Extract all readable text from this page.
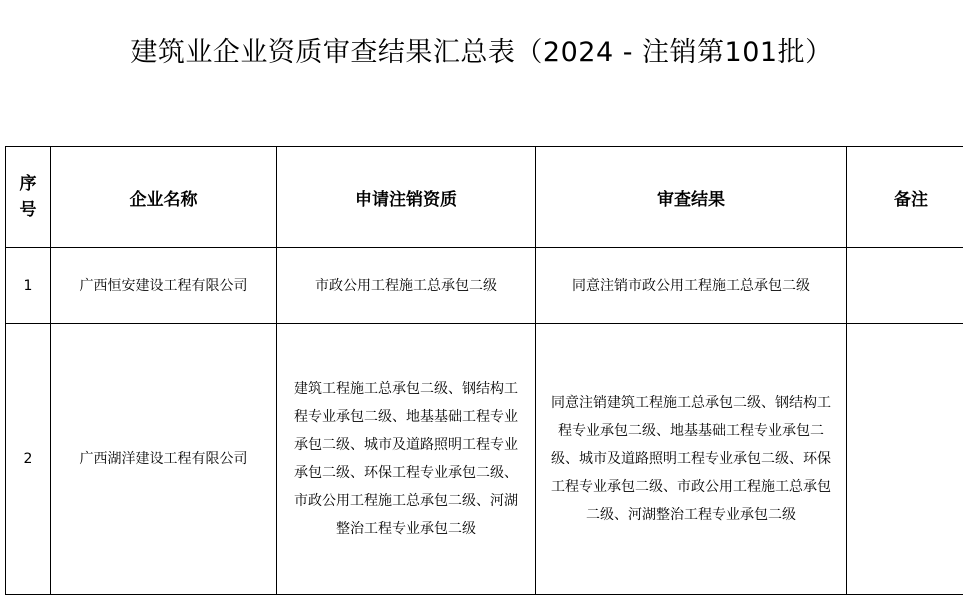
建筑业企业资质审查结果汇总表（2024 - 注销第101批）
序
号	企业名称	申请注销资质	审查结果	备注
1	广西恒安建设工程有限公司	市政公用工程施工总承包二级	同意注销市政公用工程施工总承包二级	

2	广西湖洋建设工程有限公司	建筑工程施工总承包二级、钢结构工程专业承包二级、地基基础工程专业承包二级、城市及道路照明工程专业承包二级、环保工程专业承包二级、市政公用工程施工总承包二级、河湖整治工程专业承包二级	同意注销建筑工程施工总承包二级、钢结构工程专业承包二级、地基基础工程专业承包二级、城市及道路照明工程专业承包二级、环保工程专业承包二级、市政公用工程施工总承包二级、河湖整治工程专业承包二级	
